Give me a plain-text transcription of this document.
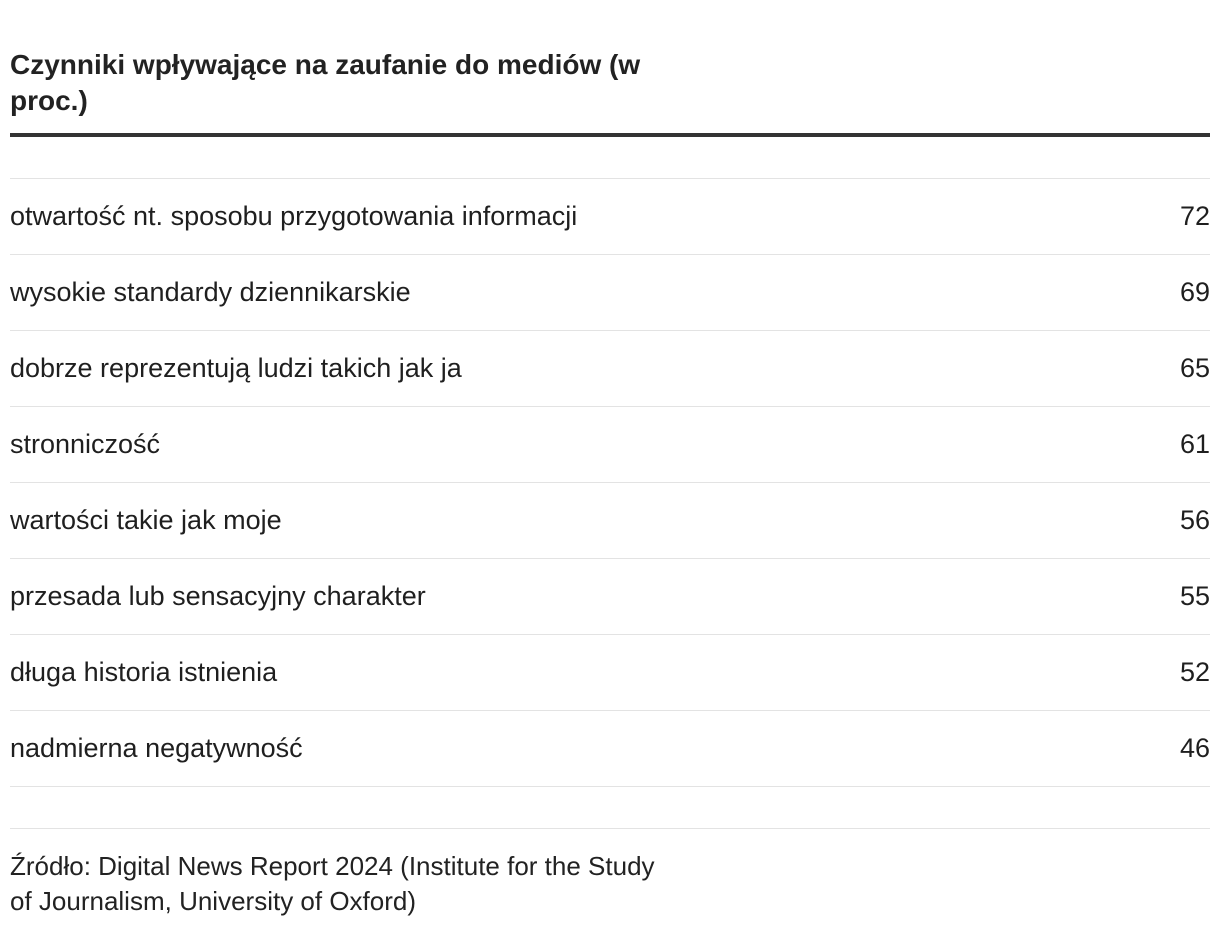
Czynniki wpływające na zaufanie do mediów (w proc.)
otwartość nt. sposobu przygotowania informacji	72
wysokie standardy dziennikarskie	69
dobrze reprezentują ludzi takich jak ja	65
stronniczość	61
wartości takie jak moje	56
przesada lub sensacyjny charakter	55
długa historia istnienia	52
nadmierna negatywność	46
Źródło: Digital News Report 2024 (Institute for the Study of Journalism, University of Oxford)
